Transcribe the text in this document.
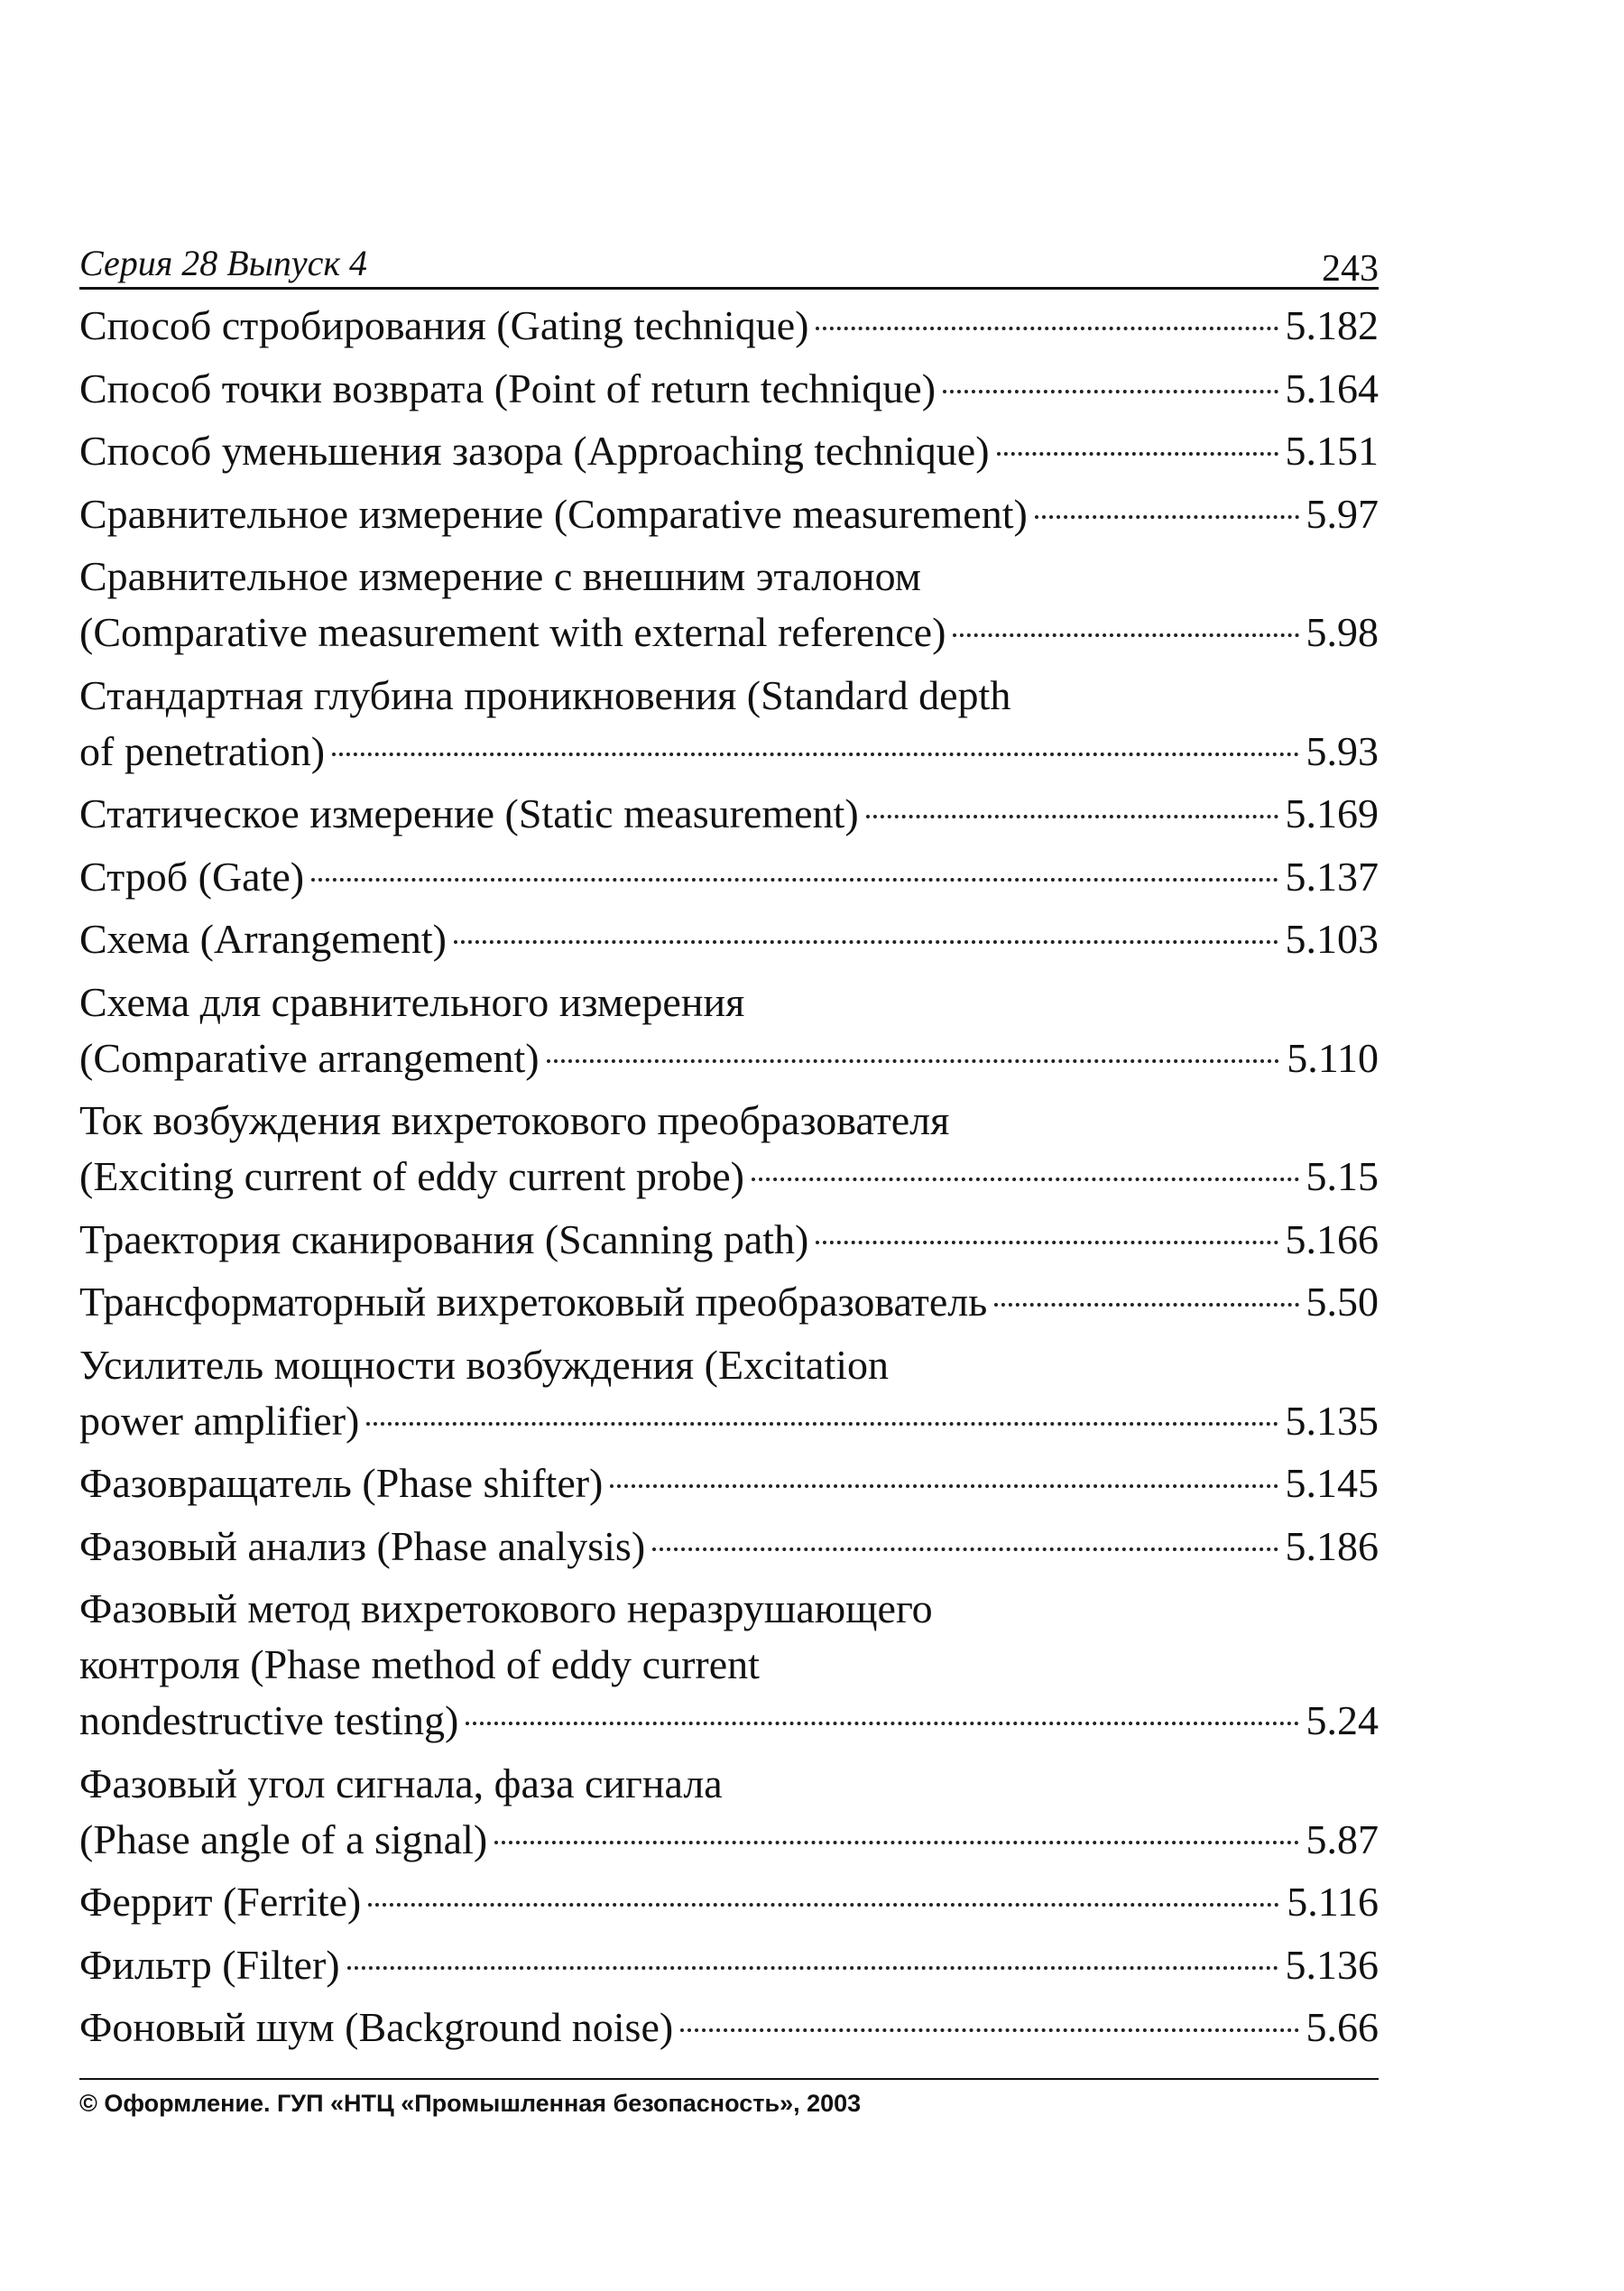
Серия 28 Выпуск 4	243
Способ стробирования (Gating technique)	5.182
Способ точки возврата (Point of return technique)	5.164
Способ уменьшения зазора (Approaching technique)	5.151
Сравнительное измерение (Comparative measurement)	5.97
Сравнительное измерение с внешним эталоном
(Comparative measurement with external reference)	5.98
Стандартная глубина проникновения (Standard depth
of penetration)	5.93
Статическое измерение (Static measurement)	5.169
Строб (Gate)	5.137
Схема (Arrangement)	5.103
Схема для сравнительного измерения
(Comparative arrangement)	5.110
Ток возбуждения вихретокового преобразователя
(Exciting current of eddy current probe)	5.15
Траектория сканирования (Scanning path)	5.166
Трансформаторный вихретоковый преобразователь	5.50
Усилитель мощности возбуждения (Excitation
power amplifier)	5.135
Фазовращатель (Phase shifter)	5.145
Фазовый анализ (Phase analysis)	5.186
Фазовый метод вихретокового неразрушающего
контроля (Phase method of eddy current
nondestructive testing)	5.24
Фазовый угол сигнала, фаза сигнала
(Phase angle of a signal)	5.87
Феррит (Ferrite)	5.116
Фильтр (Filter)	5.136
Фоновый шум (Background noise)	5.66
© Оформление. ГУП «НТЦ «Промышленная безопасность», 2003
